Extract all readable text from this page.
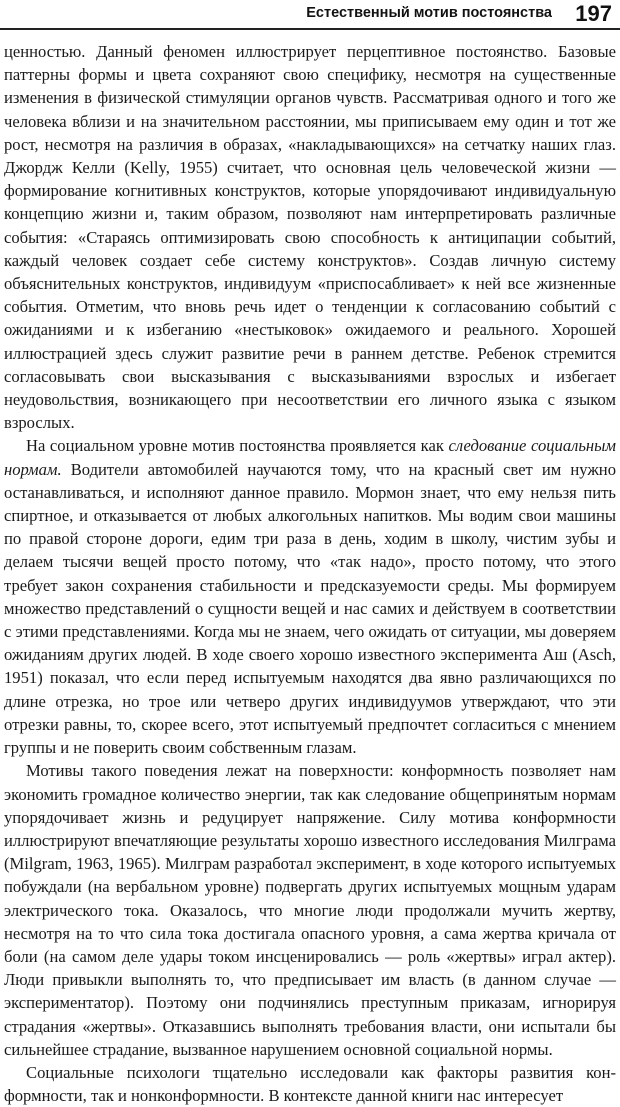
Естественный мотив постоянства 197

ценностью. Данный феномен иллюстрирует перцептивное постоянство. Базовые паттерны формы и цвета сохраняют свою специфику, несмотря на существенные изменения в физической стимуляции органов чувств. Рассматривая одного и того же человека вблизи и на значительном расстоянии, мы приписываем ему один и тот же рост, несмотря на различия в образах, «накладывающихся» на сетчатку наших глаз. Джордж Келли (Kelly, 1955) считает, что основная цель человеческой жизни — формирование когнитивных конструктов, которые упорядочивают индивидуальную концепцию жизни и, таким образом, позволяют нам интерпретировать различные события: «Стараясь оптимизировать свою способность к антиципации событий, каждый человек создает себе систему конструктов». Создав личную систему объяснительных конструктов, индивидуум «приспосабливает» к ней все жизненные события. Отметим, что вновь речь идет о тенденции к согласованию событий с ожиданиями и к избеганию «нестыковок» ожидаемого и реального. Хорошей иллюстрацией здесь служит развитие речи в раннем детстве. Ребенок стремится согласовывать свои высказывания с высказываниями взрослых и избегает неудовольствия, возникающего при несоответствии его личного языка с языком взрослых.

На социальном уровне мотив постоянства проявляется как следование социальным нормам. Водители автомобилей научаются тому, что на красный свет им нужно останавливаться, и исполняют данное правило. Мормон знает, что ему нельзя пить спиртное, и отказывается от любых алкогольных напитков. Мы водим свои машины по правой стороне дороги, едим три раза в день, ходим в школу, чистим зубы и делаем тысячи вещей просто потому, что «так надо», просто потому, что этого требует закон сохранения стабильности и предсказуемости среды. Мы формируем множество представлений о сущности вещей и нас самих и действуем в соответствии с этими представлениями. Когда мы не знаем, чего ожидать от ситуации, мы доверяем ожиданиям других людей. В ходе своего хорошо известного эксперимента Аш (Asch, 1951) показал, что если перед испытуемым находятся два явно различающихся по длине отрезка, но трое или четверо других индивидуумов утверждают, что эти отрезки равны, то, скорее всего, этот испытуемый предпочтет согласиться с мнением группы и не поверить своим собственным глазам.

Мотивы такого поведения лежат на поверхности: конформность позволяет нам экономить громадное количество энергии, так как следование общепринятым нормам упорядочивает жизнь и редуцирует напряжение. Силу мотива конформности иллюстрируют впечатляющие результаты хорошо известного исследования Милграма (Milgram, 1963, 1965). Милграм разработал эксперимент, в ходе которого испытуемых побуждали (на вербальном уровне) подвергать других испытуемых мощным ударам электрического тока. Оказалось, что многие люди продолжали мучить жертву, несмотря на то что сила тока достигала опасного уровня, а сама жертва кричала от боли (на самом деле удары током инсценировались — роль «жертвы» играл актер). Люди привыкли выполнять то, что предписывает им власть (в данном случае — экспериментатор). Поэтому они подчинялись преступным приказам, игнорируя страдания «жертвы». Отказавшись выполнять требования власти, они испытали бы сильнейшее страдание, вызванное нарушением основной социальной нормы.

Социальные психологи тщательно исследовали как факторы развития конформности, так и нонконформности. В контексте данной книги нас интересует
